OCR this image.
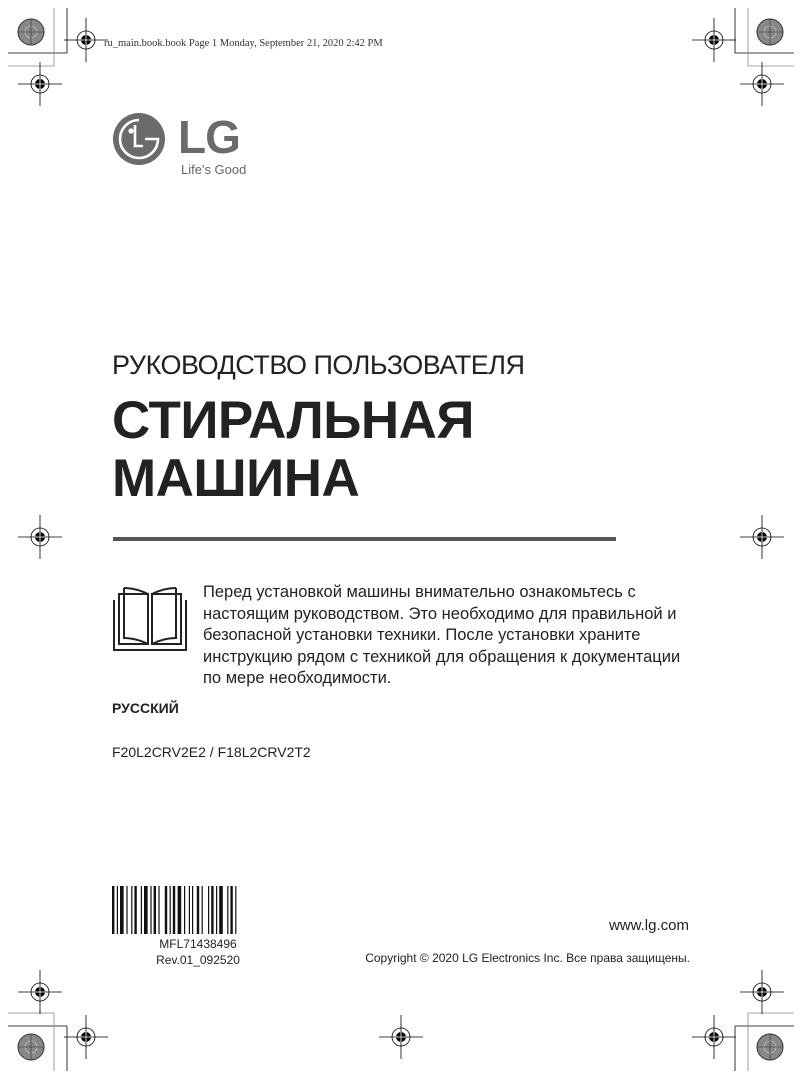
ru_main.book.book Page 1 Monday, September 21, 2020 2:42 PM
LG
Life's Good
РУКОВОДСТВО ПОЛЬЗОВАТЕЛЯ
СТИРАЛЬНАЯ
МАШИНА
Перед установкой машины внимательно ознакомьтесь с настоящим руководством. Это необходимо для правильной и безопасной установки техники. После установки храните инструкцию рядом с техникой для обращения к документации по мере необходимости.
РУССКИЙ
F20L2CRV2E2 / F18L2CRV2T2
MFL71438496
Rev.01_092520
www.lg.com
Copyright © 2020 LG Electronics Inc. Все права защищены.
